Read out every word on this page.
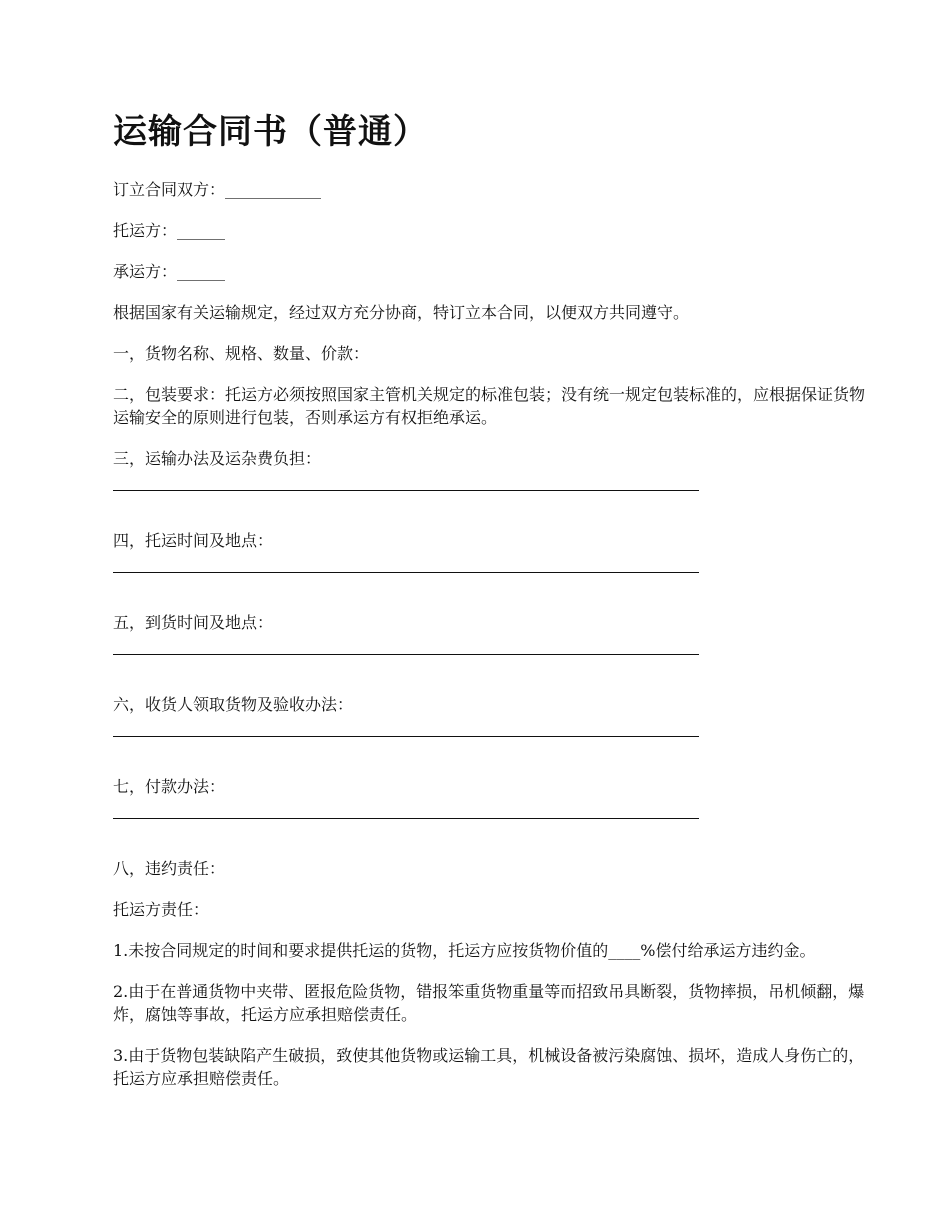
运输合同书（普通）

订立合同双方：____________

托运方：______

承运方：______

根据国家有关运输规定，经过双方充分协商，特订立本合同，以便双方共同遵守。

一，货物名称、规格、数量、价款：

二，包装要求：托运方必须按照国家主管机关规定的标准包装；没有统一规定包装标准的，应根据保证货物运输安全的原则进行包装，否则承运方有权拒绝承运。

三，运输办法及运杂费负担：

四，托运时间及地点：

五，到货时间及地点：

六，收货人领取货物及验收办法：

七，付款办法：

八，违约责任：

托运方责任：

1.未按合同规定的时间和要求提供托运的货物，托运方应按货物价值的____%偿付给承运方违约金。

2.由于在普通货物中夹带、匿报危险货物，错报笨重货物重量等而招致吊具断裂，货物摔损，吊机倾翻，爆炸，腐蚀等事故，托运方应承担赔偿责任。

3.由于货物包装缺陷产生破损，致使其他货物或运输工具，机械设备被污染腐蚀、损坏，造成人身伤亡的，托运方应承担赔偿责任。
